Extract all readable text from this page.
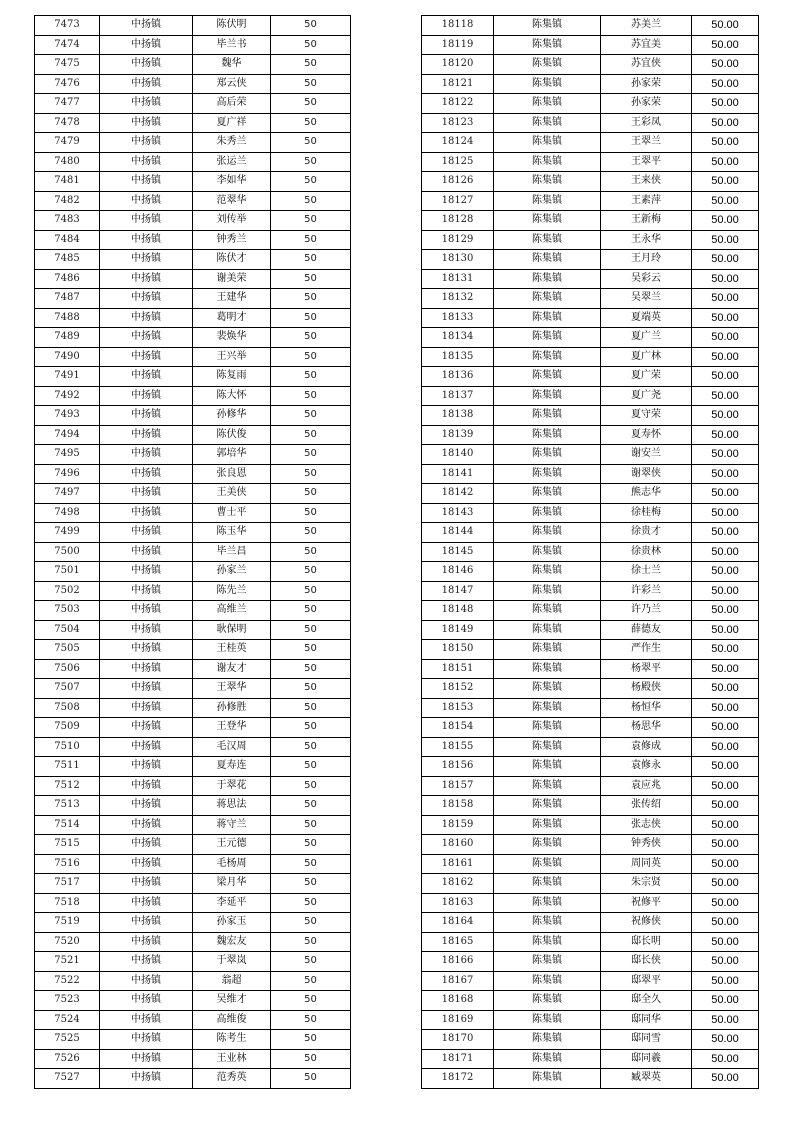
7473	中扬镇	陈伏明	50
7474	中扬镇	毕兰书	50
7475	中扬镇	魏华	50
7476	中扬镇	郑云侠	50
7477	中扬镇	高后荣	50
7478	中扬镇	夏广祥	50
7479	中扬镇	朱秀兰	50
7480	中扬镇	张运兰	50
7481	中扬镇	李如华	50
7482	中扬镇	范翠华	50
7483	中扬镇	刘传举	50
7484	中扬镇	钟秀兰	50
7485	中扬镇	陈伏才	50
7486	中扬镇	谢美荣	50
7487	中扬镇	王建华	50
7488	中扬镇	葛明才	50
7489	中扬镇	裴焕华	50
7490	中扬镇	王兴举	50
7491	中扬镇	陈复雨	50
7492	中扬镇	陈大怀	50
7493	中扬镇	孙修华	50
7494	中扬镇	陈伏俊	50
7495	中扬镇	郭培华	50
7496	中扬镇	张良恩	50
7497	中扬镇	王美侠	50
7498	中扬镇	曹士平	50
7499	中扬镇	陈玉华	50
7500	中扬镇	毕兰昌	50
7501	中扬镇	孙家兰	50
7502	中扬镇	陈先兰	50
7503	中扬镇	高维兰	50
7504	中扬镇	耿保明	50
7505	中扬镇	王桂英	50
7506	中扬镇	谢友才	50
7507	中扬镇	王翠华	50
7508	中扬镇	孙修胜	50
7509	中扬镇	王登华	50
7510	中扬镇	毛汉周	50
7511	中扬镇	夏寿连	50
7512	中扬镇	于翠花	50
7513	中扬镇	蒋思法	50
7514	中扬镇	蒋守兰	50
7515	中扬镇	王元德	50
7516	中扬镇	毛杨周	50
7517	中扬镇	梁月华	50
7518	中扬镇	李延平	50
7519	中扬镇	孙家玉	50
7520	中扬镇	魏宏友	50
7521	中扬镇	于翠岚	50
7522	中扬镇	翁超	50
7523	中扬镇	吴维才	50
7524	中扬镇	高维俊	50
7525	中扬镇	陈考生	50
7526	中扬镇	王业林	50
7527	中扬镇	范秀英	50
18118	陈集镇	苏美兰	50.00
18119	陈集镇	苏宜美	50.00
18120	陈集镇	苏宜侠	50.00
18121	陈集镇	孙家荣	50.00
18122	陈集镇	孙家荣	50.00
18123	陈集镇	王彩凤	50.00
18124	陈集镇	王翠兰	50.00
18125	陈集镇	王翠平	50.00
18126	陈集镇	王来侠	50.00
18127	陈集镇	王素萍	50.00
18128	陈集镇	王新梅	50.00
18129	陈集镇	王永华	50.00
18130	陈集镇	王月玲	50.00
18131	陈集镇	吴彩云	50.00
18132	陈集镇	吴翠兰	50.00
18133	陈集镇	夏端英	50.00
18134	陈集镇	夏广兰	50.00
18135	陈集镇	夏广林	50.00
18136	陈集镇	夏广荣	50.00
18137	陈集镇	夏广尧	50.00
18138	陈集镇	夏守荣	50.00
18139	陈集镇	夏寿怀	50.00
18140	陈集镇	谢安兰	50.00
18141	陈集镇	谢翠侠	50.00
18142	陈集镇	熊志华	50.00
18143	陈集镇	徐桂梅	50.00
18144	陈集镇	徐贵才	50.00
18145	陈集镇	徐贵林	50.00
18146	陈集镇	徐士兰	50.00
18147	陈集镇	许彩兰	50.00
18148	陈集镇	许乃兰	50.00
18149	陈集镇	薛德友	50.00
18150	陈集镇	严作生	50.00
18151	陈集镇	杨翠平	50.00
18152	陈集镇	杨殿侠	50.00
18153	陈集镇	杨恒华	50.00
18154	陈集镇	杨思华	50.00
18155	陈集镇	袁修成	50.00
18156	陈集镇	袁修永	50.00
18157	陈集镇	袁应兆	50.00
18158	陈集镇	张传绍	50.00
18159	陈集镇	张志侠	50.00
18160	陈集镇	钟秀侠	50.00
18161	陈集镇	周同英	50.00
18162	陈集镇	朱宗贤	50.00
18163	陈集镇	祝修平	50.00
18164	陈集镇	祝修侠	50.00
18165	陈集镇	邸长明	50.00
18166	陈集镇	邸长侠	50.00
18167	陈集镇	邸翠平	50.00
18168	陈集镇	邸全久	50.00
18169	陈集镇	邸同华	50.00
18170	陈集镇	邸同雪	50.00
18171	陈集镇	邸同羲	50.00
18172	陈集镇	臧翠英	50.00
